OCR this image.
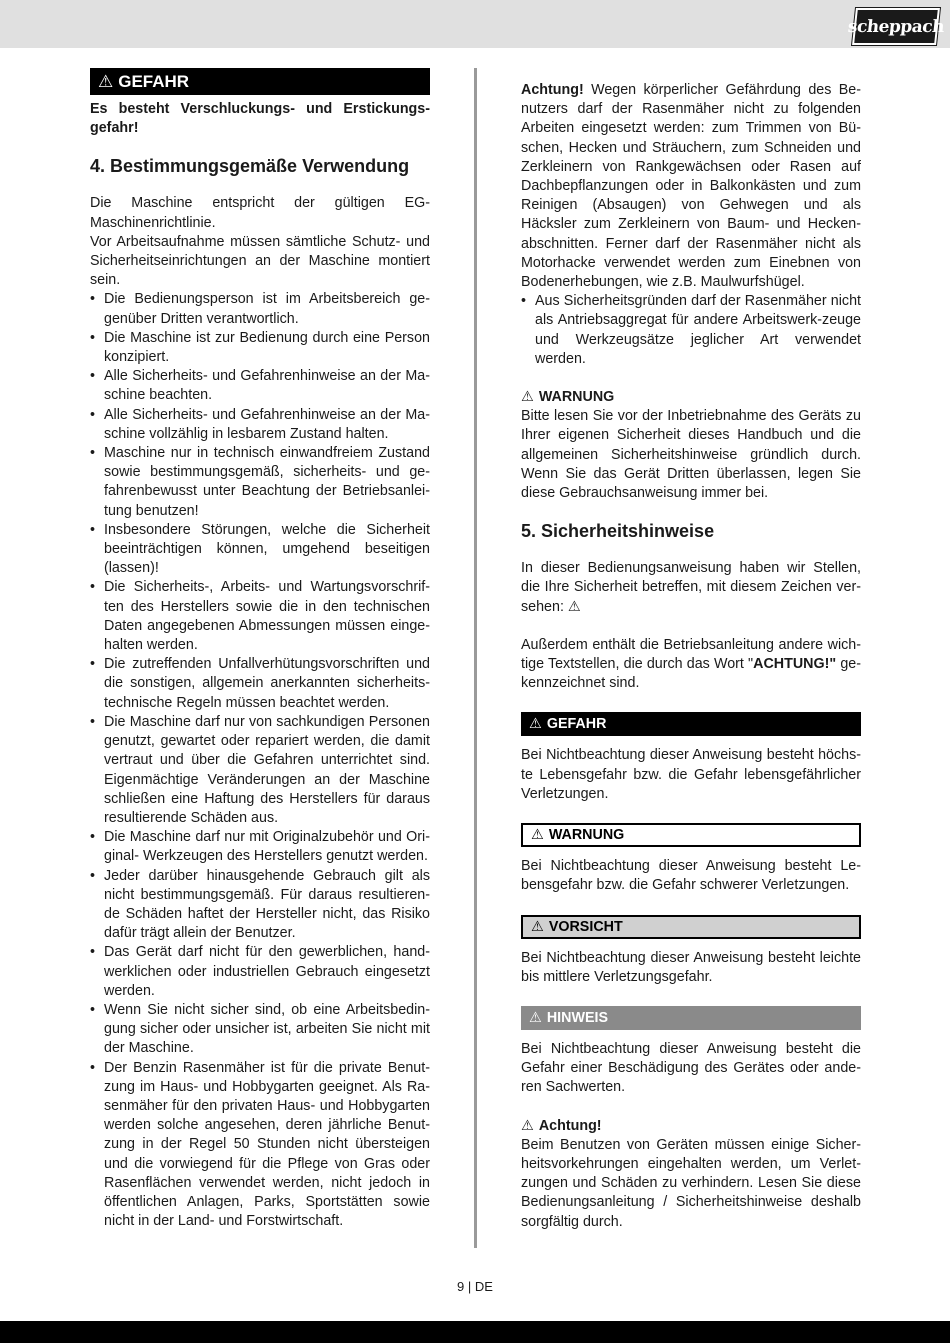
scheppach
⚠ GEFAHR

Es besteht Verschluckungs- und Erstickungs-gefahr!

4. Bestimmungsgemäße Verwendung

Die Maschine entspricht der gültigen EG-Maschinenrichtlinie.

Vor Arbeitsaufnahme müssen sämtliche Schutz- und Sicherheitseinrichtungen an der Maschine montiert sein.

• Die Bedienungsperson ist im Arbeitsbereich ge-genüber Dritten verantwortlich.
• Die Maschine ist zur Bedienung durch eine Person konzipiert.
• Alle Sicherheits- und Gefahrenhinweise an der Ma-schine beachten.
• Alle Sicherheits- und Gefahrenhinweise an der Ma-schine vollzählig in lesbarem Zustand halten.
• Maschine nur in technisch einwandfreiem Zustand sowie bestimmungsgemäß, sicherheits- und ge-fahrenbewusst unter Beachtung der Betriebsanlei-tung benutzen!
• Insbesondere Störungen, welche die Sicherheit beeinträchtigen können, umgehend beseitigen (lassen)!
• Die Sicherheits-, Arbeits- und Wartungsvorschrif-ten des Herstellers sowie die in den technischen Daten angegebenen Abmessungen müssen einge-halten werden.
• Die zutreffenden Unfallverhütungsvorschriften und die sonstigen, allgemein anerkannten sicherheits-technische Regeln müssen beachtet werden.
• Die Maschine darf nur von sachkundigen Personen genutzt, gewartet oder repariert werden, die damit vertraut und über die Gefahren unterrichtet sind. Eigenmächtige Veränderungen an der Maschine schließen eine Haftung des Herstellers für daraus resultierende Schäden aus.
• Die Maschine darf nur mit Originalzubehör und Ori-ginal- Werkzeugen des Herstellers genutzt werden.
• Jeder darüber hinausgehende Gebrauch gilt als nicht bestimmungsgemäß. Für daraus resultieren-de Schäden haftet der Hersteller nicht, das Risiko dafür trägt allein der Benutzer.
• Das Gerät darf nicht für den gewerblichen, hand-werklichen oder industriellen Gebrauch eingesetzt werden.
• Wenn Sie nicht sicher sind, ob eine Arbeitsbedin-gung sicher oder unsicher ist, arbeiten Sie nicht mit der Maschine.
• Der Benzin Rasenmäher ist für die private Benut-zung im Haus- und Hobbygarten geeignet. Als Ra-senmäher für den privaten Haus- und Hobbygarten werden solche angesehen, deren jährliche Benut-zung in der Regel 50 Stunden nicht übersteigen und die vorwiegend für die Pflege von Gras oder Rasenflächen verwendet werden, nicht jedoch in öffentlichen Anlagen, Parks, Sportstätten sowie nicht in der Land- und Forstwirtschaft.

Achtung! Wegen körperlicher Gefährdung des Be-nutzers darf der Rasenmäher nicht zu folgenden Arbeiten eingesetzt werden: zum Trimmen von Bü-schen, Hecken und Sträuchern, zum Schneiden und Zerkleinern von Rankgewächsen oder Rasen auf Dachbepflanzungen oder in Balkonkästen und zum Reinigen (Absaugen) von Gehwegen und als Häcksler zum Zerkleinern von Baum- und Hecken-abschnitten. Ferner darf der Rasenmäher nicht als Motorhacke verwendet werden zum Einebnen von Bodenerhebungen, wie z.B. Maulwurfshügel.

• Aus Sicherheitsgründen darf der Rasenmäher nicht als Antriebsaggregat für andere Arbeitswerk-zeuge und Werkzeugsätze jeglicher Art verwendet werden.

⚠ WARNUNG

Bitte lesen Sie vor der Inbetriebnahme des Geräts zu Ihrer eigenen Sicherheit dieses Handbuch und die allgemeinen Sicherheitshinweise gründlich durch. Wenn Sie das Gerät Dritten überlassen, legen Sie diese Gebrauchsanweisung immer bei.

5. Sicherheitshinweise

In dieser Bedienungsanweisung haben wir Stellen, die Ihre Sicherheit betreffen, mit diesem Zeichen ver-sehen: ⚠

Außerdem enthält die Betriebsanleitung andere wich-tige Textstellen, die durch das Wort "ACHTUNG!" ge-kennzeichnet sind.

⚠ GEFAHR

Bei Nichtbeachtung dieser Anweisung besteht höchs-te Lebensgefahr bzw. die Gefahr lebensgefährlicher Verletzungen.

⚠ WARNUNG

Bei Nichtbeachtung dieser Anweisung besteht Le-bensgefahr bzw. die Gefahr schwerer Verletzungen.

⚠ VORSICHT

Bei Nichtbeachtung dieser Anweisung besteht leichte bis mittlere Verletzungsgefahr.

⚠ HINWEIS

Bei Nichtbeachtung dieser Anweisung besteht die Gefahr einer Beschädigung des Gerätes oder ande-ren Sachwerten.

⚠ Achtung!

Beim Benutzen von Geräten müssen einige Sicher-heitsvorkehrungen eingehalten werden, um Verlet-zungen und Schäden zu verhindern. Lesen Sie diese Bedienungsanleitung / Sicherheitshinweise deshalb sorgfältig durch.

9 | DE
